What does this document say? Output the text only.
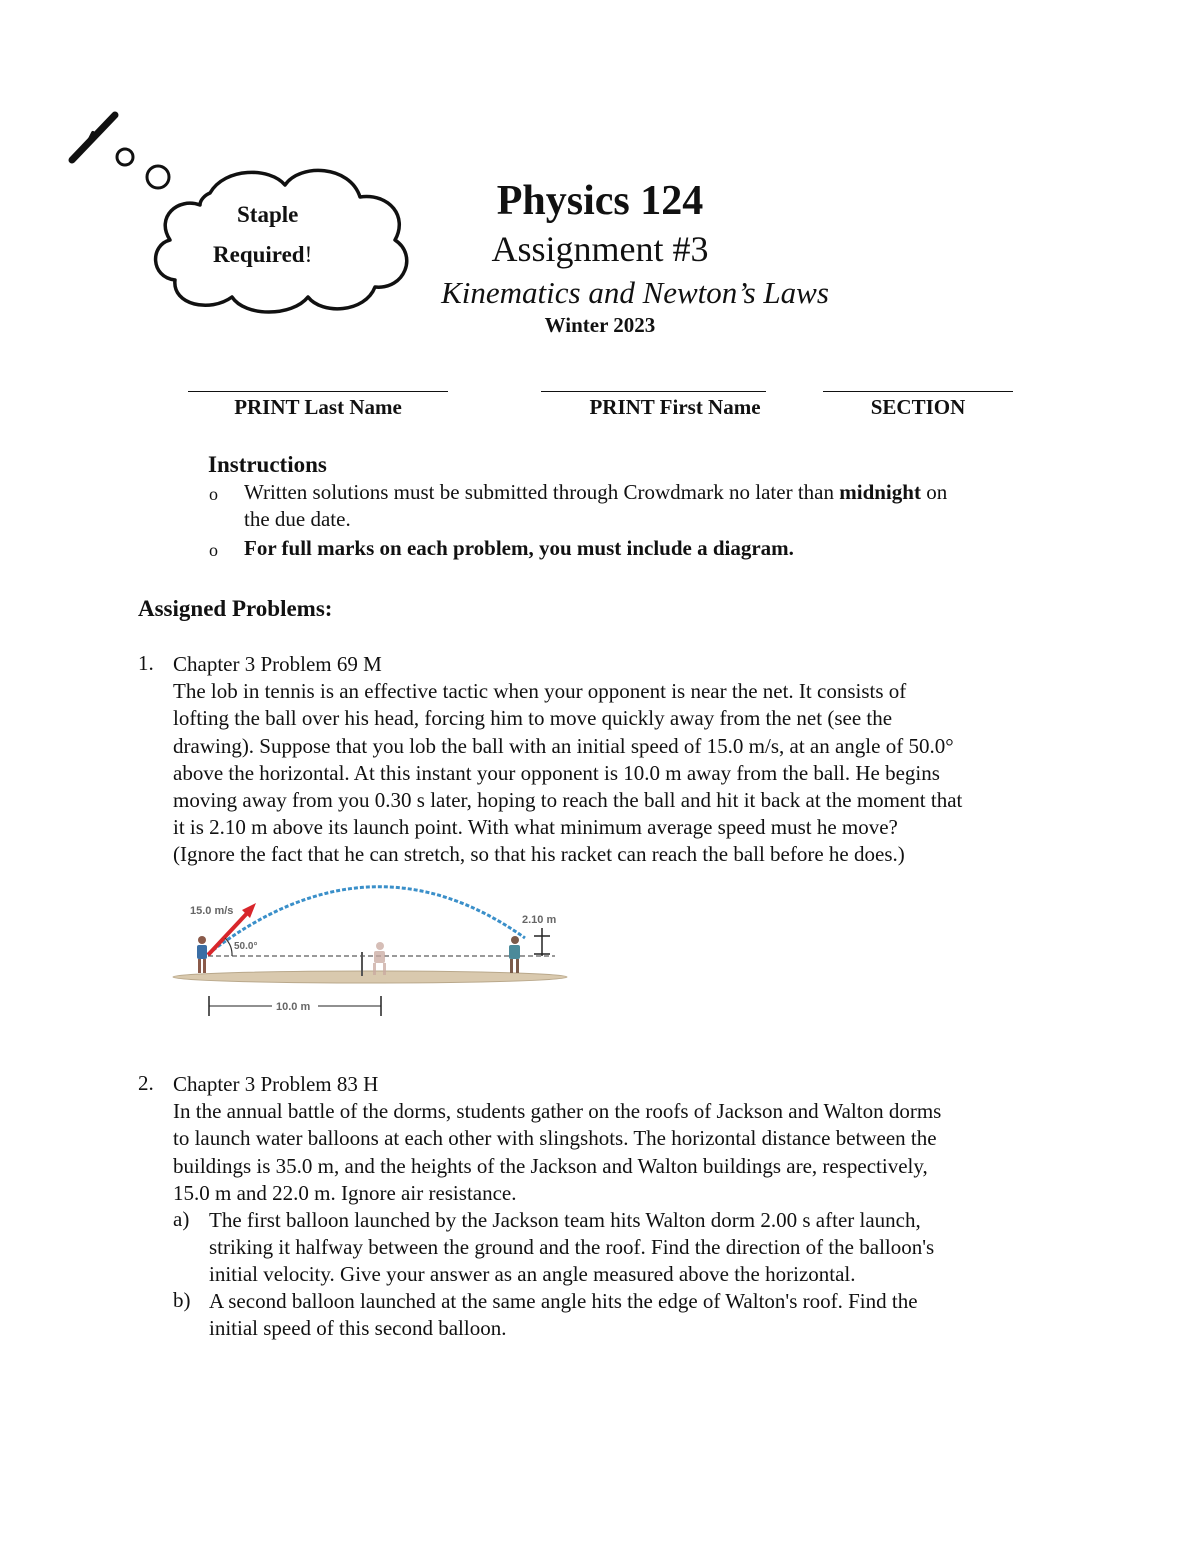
Staple
Required!
Physics 124
Assignment #3
Kinematics and Newton’s Laws
Winter 2023
PRINT Last Name	PRINT First Name	SECTION
Instructions
o Written solutions must be submitted through Crowdmark no later than midnight on
the due date.
o For full marks on each problem, you must include a diagram.
Assigned Problems:
1. Chapter 3 Problem 69 M
The lob in tennis is an effective tactic when your opponent is near the net. It consists of
lofting the ball over his head, forcing him to move quickly away from the net (see the
drawing). Suppose that you lob the ball with an initial speed of 15.0 m/s, at an angle of 50.0°
above the horizontal. At this instant your opponent is 10.0 m away from the ball. He begins
moving away from you 0.30 s later, hoping to reach the ball and hit it back at the moment that
it is 2.10 m above its launch point. With what minimum average speed must he move?
(Ignore the fact that he can stretch, so that his racket can reach the ball before he does.)
15.0 m/s
50.0°
2.10 m
10.0 m
2. Chapter 3 Problem 83 H
In the annual battle of the dorms, students gather on the roofs of Jackson and Walton dorms
to launch water balloons at each other with slingshots. The horizontal distance between the
buildings is 35.0 m, and the heights of the Jackson and Walton buildings are, respectively,
15.0 m and 22.0 m. Ignore air resistance.
a) The first balloon launched by the Jackson team hits Walton dorm 2.00 s after launch,
striking it halfway between the ground and the roof. Find the direction of the balloon's
initial velocity. Give your answer as an angle measured above the horizontal.
b) A second balloon launched at the same angle hits the edge of Walton's roof. Find the
initial speed of this second balloon.
